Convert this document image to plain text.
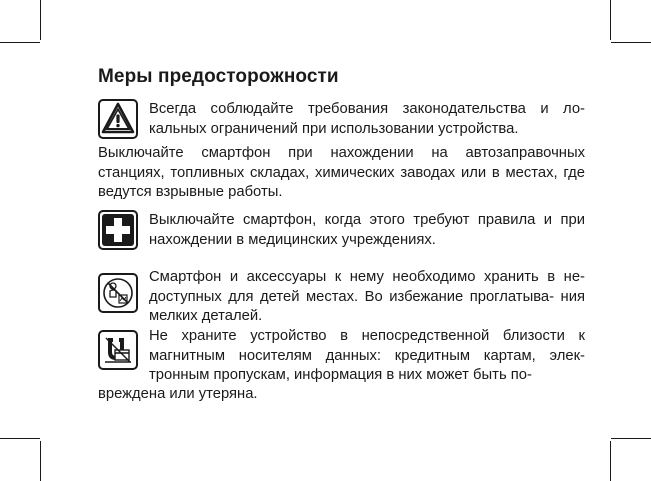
Меры предосторожности
Всегда соблюдайте требования законодательства и ло- кальных ограничений при использовании устройства.
Выключайте смартфон при нахождении на автозаправочных станциях, топливных складах, химических заводах или в местах, где ведутся взрывные работы.
Выключайте смартфон, когда этого требуют правила и при нахождении в медицинских учреждениях.
Смартфон и аксессуары к нему необходимо хранить в не- доступных для детей местах. Во избежание проглатыва- ния мелких деталей.
Не храните устройство в непосредственной близости к магнитным носителям данных: кредитным картам, элек- тронным пропускам, информация в них может быть по-
вреждена или утеряна.
